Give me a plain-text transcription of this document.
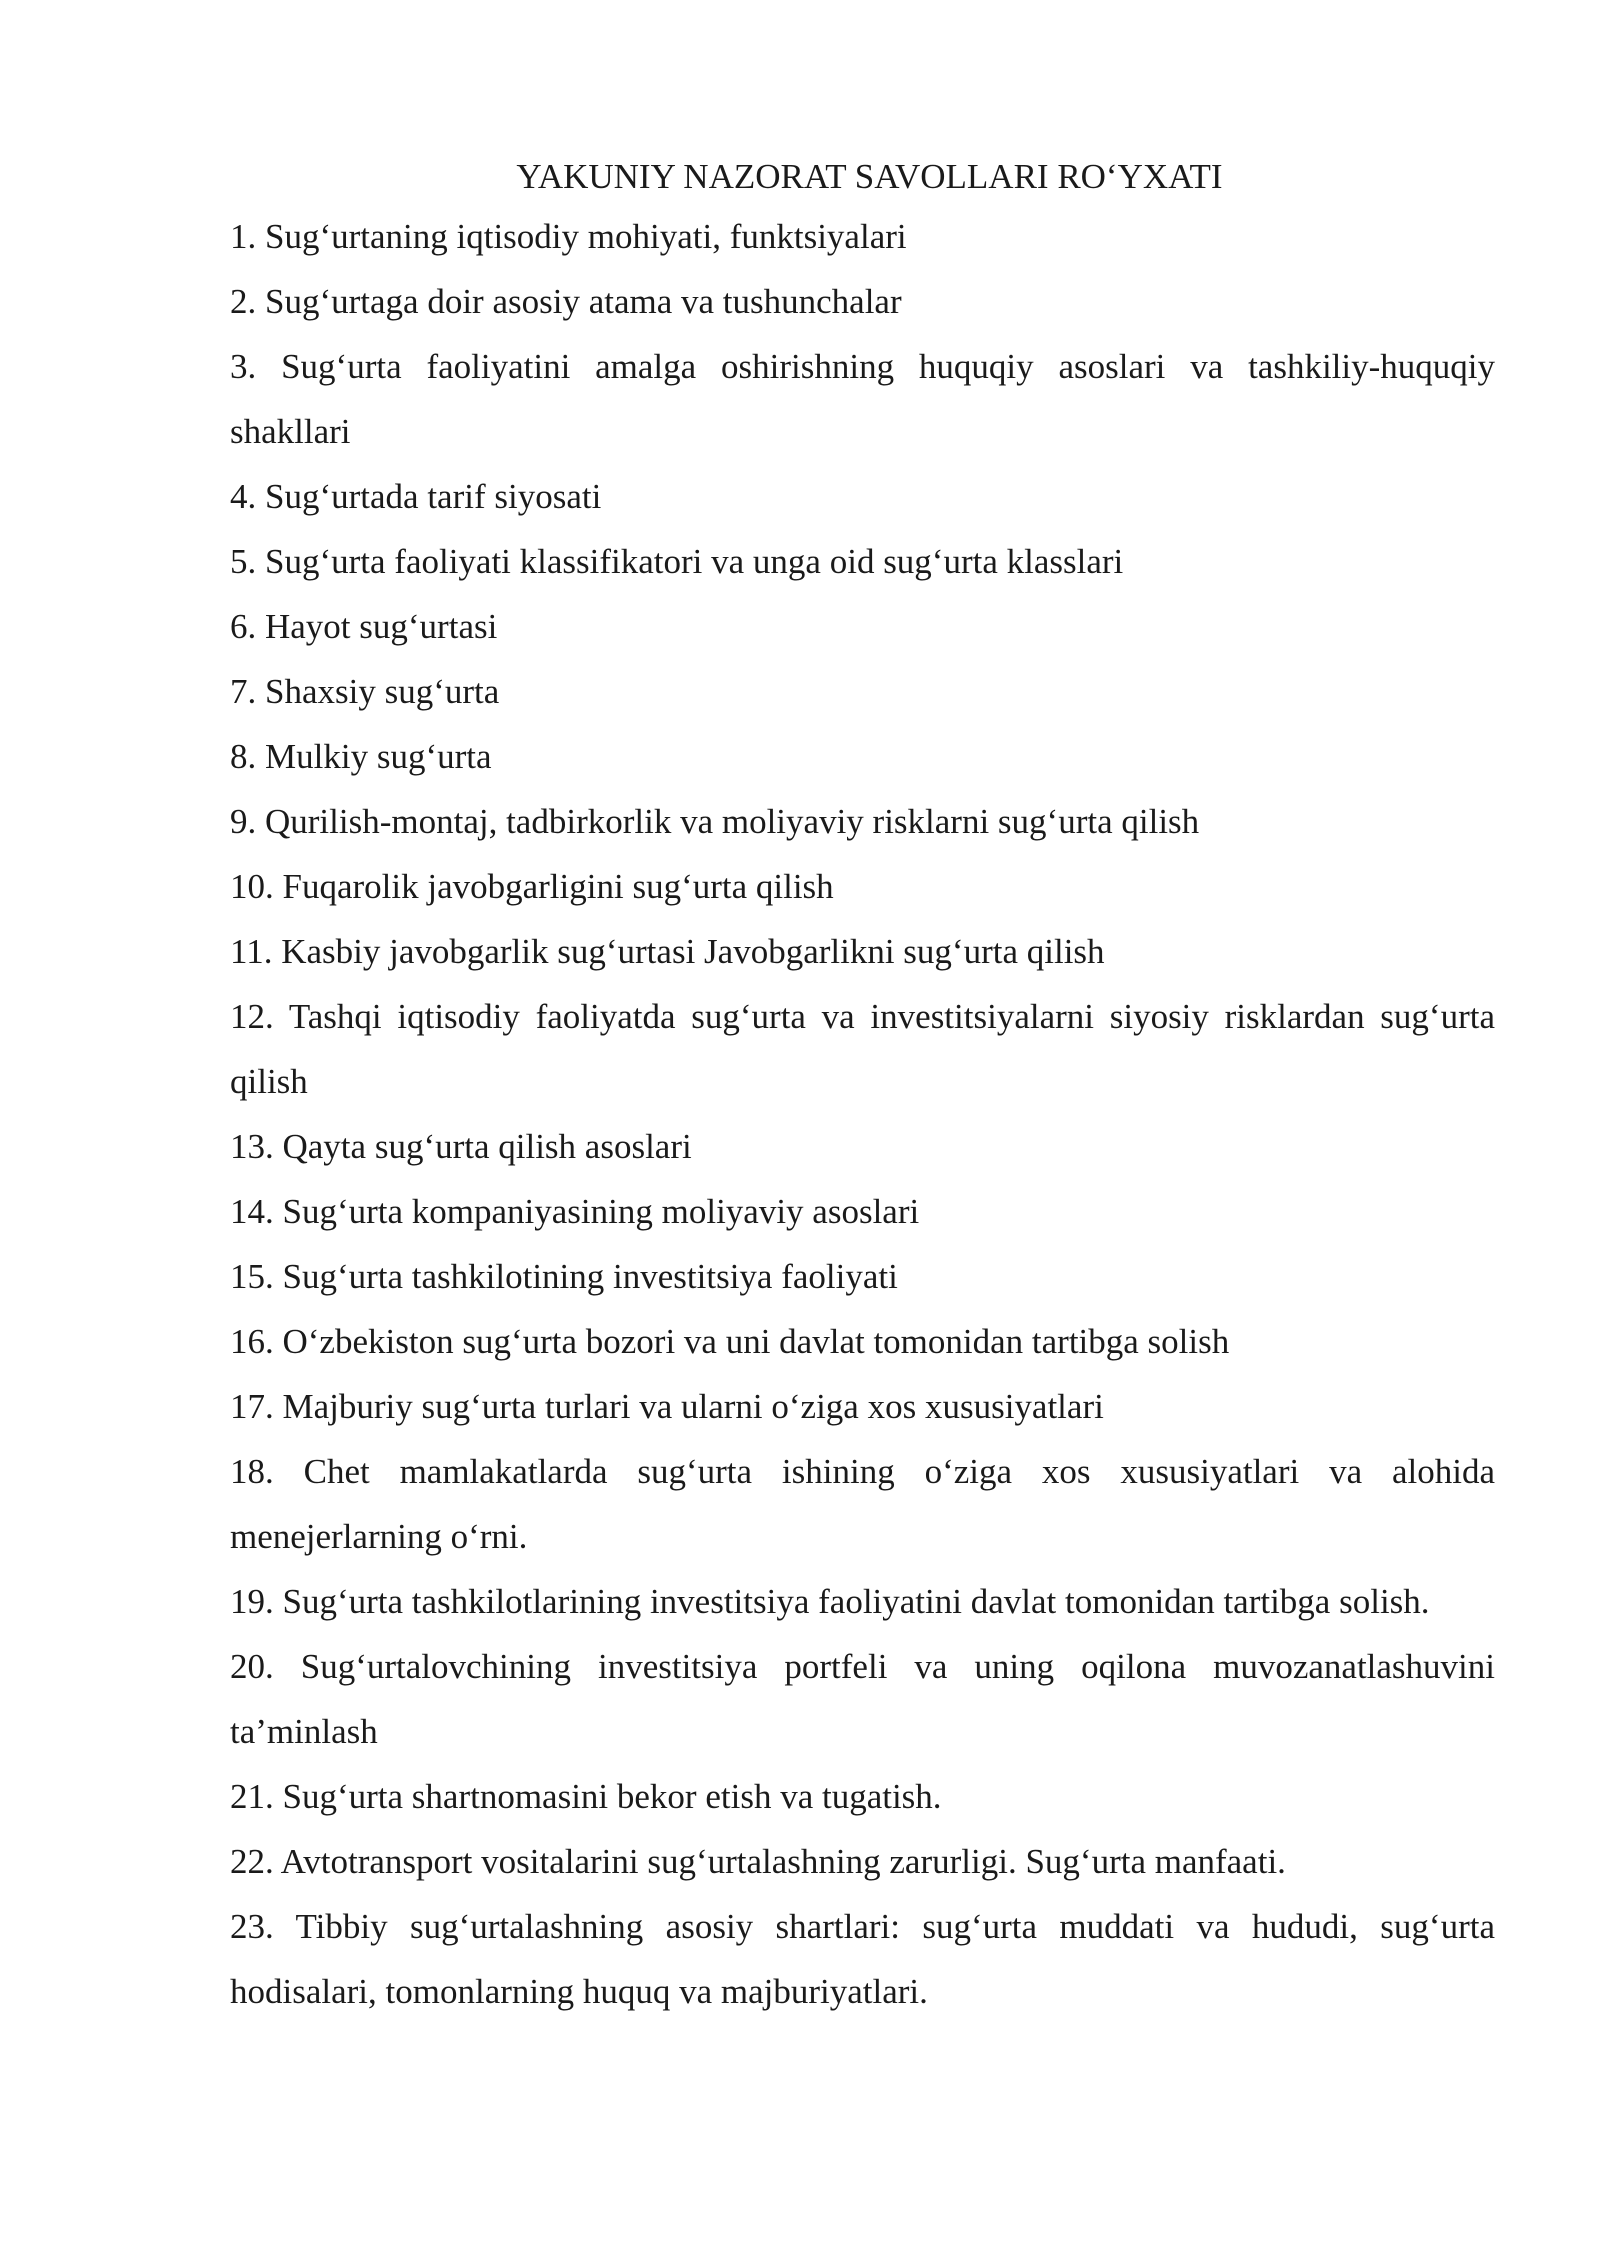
YAKUNIY NAZORAT SAVOLLARI RO‘YXATI
1. Sug‘urtaning iqtisodiy mohiyati, funktsiyalari
2. Sug‘urtaga doir asosiy atama va tushunchalar
3. Sug‘urta faoliyatini amalga oshirishning huquqiy asoslari va tashkiliy-huquqiy shakllari
4. Sug‘urtada tarif siyosati
5. Sug‘urta faoliyati klassifikatori va unga oid sug‘urta klasslari
6. Hayot sug‘urtasi
7. Shaxsiy sug‘urta
8. Mulkiy sug‘urta
9. Qurilish-montaj, tadbirkorlik va moliyaviy risklarni sug‘urta qilish
10. Fuqarolik javobgarligini sug‘urta qilish
11. Kasbiy javobgarlik sug‘urtasi Javobgarlikni sug‘urta qilish
12. Tashqi iqtisodiy faoliyatda sug‘urta va investitsiyalarni siyosiy risklardan sug‘urta qilish
13. Qayta sug‘urta qilish asoslari
14. Sug‘urta kompaniyasining moliyaviy asoslari
15. Sug‘urta tashkilotining investitsiya faoliyati
16. O‘zbekiston sug‘urta bozori va uni davlat tomonidan tartibga solish
17. Majburiy sug‘urta turlari va ularni o‘ziga xos xususiyatlari
18. Chet mamlakatlarda sug‘urta ishining o‘ziga xos xususiyatlari va alohida menejerlarning o‘rni.
19. Sug‘urta tashkilotlarining investitsiya faoliyatini davlat tomonidan tartibga solish.
20. Sug‘urtalovchining investitsiya portfeli va uning oqilona muvozanatlashuvini ta’minlash
21. Sug‘urta shartnomasini bekor etish va tugatish.
22. Avtotransport vositalarini sug‘urtalashning zarurligi. Sug‘urta manfaati.
23. Tibbiy sug‘urtalashning asosiy shartlari: sug‘urta muddati va hududi, sug‘urta hodisalari, tomonlarning huquq va majburiyatlari.
